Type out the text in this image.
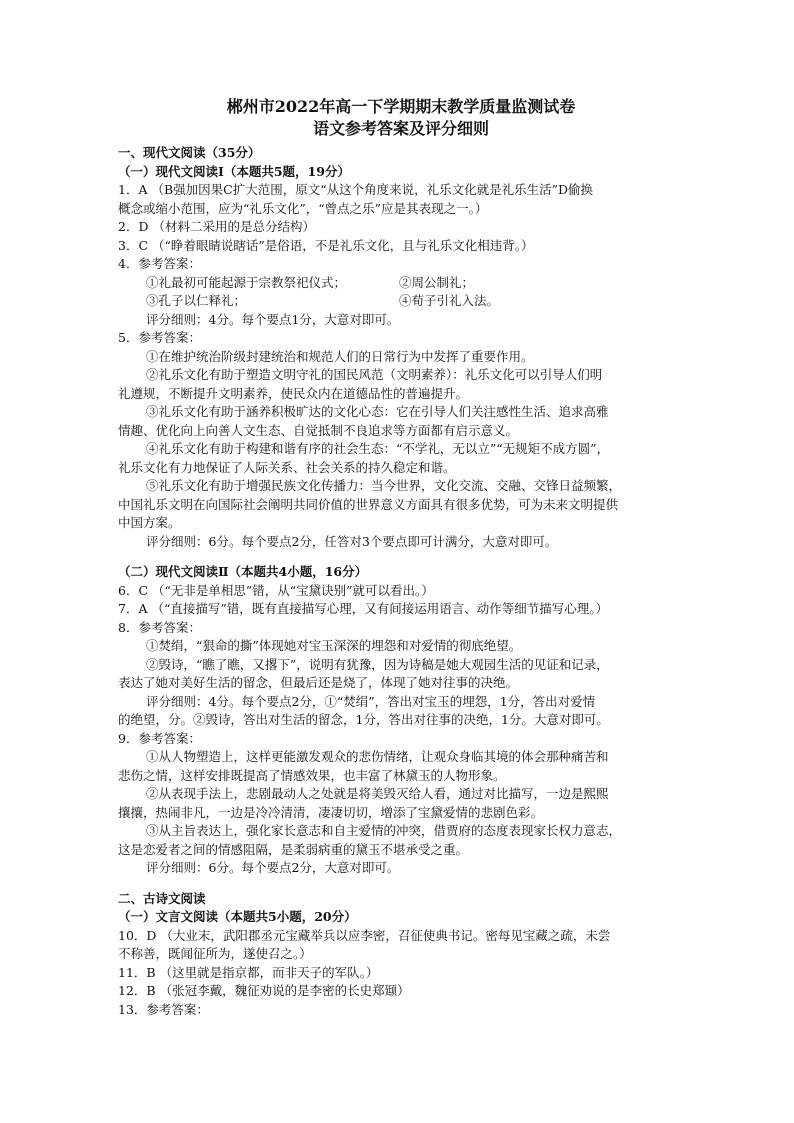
郴州市2022年高一下学期期末教学质量监测试卷
语文参考答案及评分细则
一、现代文阅读（35分）
（一）现代文阅读Ⅰ（本题共5题，19分）
1．A （B强加因果C扩大范围，原文“从这个角度来说，礼乐文化就是礼乐生活”D偷换
概念或缩小范围，应为“礼乐文化”，“曾点之乐”应是其表现之一。）
2．D （材料二采用的是总分结构）
3．C （“睁着眼睛说瞎话”是俗语，不是礼乐文化，且与礼乐文化相违背。）
4．参考答案：
①礼最初可能起源于宗教祭祀仪式；	②周公制礼；
③孔子以仁释礼；	④荀子引礼入法。
评分细则：4分。每个要点1分，大意对即可。
5．参考答案：
①在维护统治阶级封建统治和规范人们的日常行为中发挥了重要作用。
②礼乐文化有助于塑造文明守礼的国民风范（文明素养）：礼乐文化可以引导人们明
礼遵规，不断提升文明素养，使民众内在道德品性的普遍提升。
③礼乐文化有助于涵养积极旷达的文化心态：它在引导人们关注感性生活、追求高雅
情趣、优化向上向善人文生态、自觉抵制不良追求等方面都有启示意义。
④礼乐文化有助于构建和谐有序的社会生态：“不学礼，无以立”“无规矩不成方圆”，
礼乐文化有力地保证了人际关系、社会关系的持久稳定和谐。
⑤礼乐文化有助于增强民族文化传播力：当今世界，文化交流、交融、交锋日益频繁，
中国礼乐文明在向国际社会阐明共同价值的世界意义方面具有很多优势，可为未来文明提供
中国方案。
评分细则：6分。每个要点2分，任答对3个要点即可计满分，大意对即可。
（二）现代文阅读Ⅱ（本题共4小题，16分）
6．C （“无非是单相思”错，从“宝黛诀别”就可以看出。）
7．A （“直接描写”错，既有直接描写心理，又有间接运用语言、动作等细节描写心理。）
8．参考答案：
①焚绢，“狠命的撕”体现她对宝玉深深的埋怨和对爱情的彻底绝望。
②毁诗，“瞧了瞧，又撂下”，说明有犹豫，因为诗稿是她大观园生活的见证和记录，
表达了她对美好生活的留念，但最后还是烧了，体现了她对往事的决绝。
评分细则：4分。每个要点2分，①“焚绢”，答出对宝玉的埋怨，1分，答出对爱情
的绝望，分。②毁诗，答出对生活的留念，1分，答出对往事的决绝，1分。大意对即可。
9．参考答案：
①从人物塑造上，这样更能激发观众的悲伤情绪，让观众身临其境的体会那种痛苦和
悲伤之情，这样安排既提高了情感效果，也丰富了林黛玉的人物形象。
②从表现手法上，悲剧最动人之处就是将美毁灭给人看，通过对比描写，一边是熙熙
攘攘，热闹非凡，一边是冷冷清清，凄凄切切，增添了宝黛爱情的悲剧色彩。
③从主旨表达上，强化家长意志和自主爱情的冲突，借贾府的态度表现家长权力意志，
这是恋爱者之间的情感阻隔，是柔弱病重的黛玉不堪承受之重。
评分细则：6分。每个要点2分，大意对即可。
二、古诗文阅读
（一）文言文阅读（本题共5小题，20分）
10．D （大业末，武阳郡丞元宝藏举兵以应李密，召征使典书记。密每见宝藏之疏，未尝
不称善，既闻征所为，遂使召之。）
11．B （这里就是指京都，而非天子的军队。）
12．B （张冠李戴，魏征劝说的是李密的长史郑颋）
13．参考答案：
